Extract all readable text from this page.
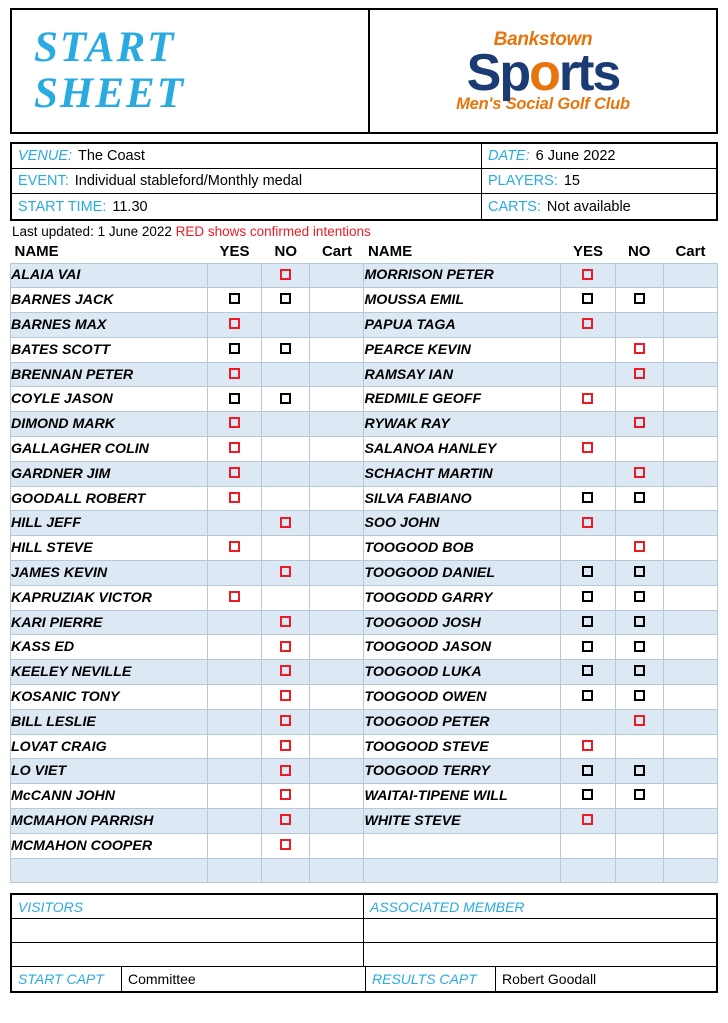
START
SHEET
Bankstown
Sports
Men's Social Golf Club
VENUE: The Coast	DATE: 6 June 2022
EVENT: Individual stableford/Monthly medal	PLAYERS: 15
START TIME: 11.30	CARTS: Not available
Last updated: 1 June 2022 RED shows confirmed intentions
NAME	YES	NO	Cart	NAME	YES	NO	Cart
ALAIA VAI				MORRISON PETER			
BARNES JACK				MOUSSA EMIL			
BARNES MAX				PAPUA TAGA			
BATES SCOTT				PEARCE KEVIN			
BRENNAN PETER				RAMSAY IAN			
COYLE JASON				REDMILE GEOFF			
DIMOND MARK				RYWAK RAY			
GALLAGHER COLIN				SALANOA HANLEY			
GARDNER JIM				SCHACHT MARTIN			
GOODALL ROBERT				SILVA FABIANO			
HILL JEFF				SOO JOHN			
HILL STEVE				TOOGOOD BOB			
JAMES KEVIN				TOOGOOD DANIEL			
KAPRUZIAK VICTOR				TOOGODD GARRY			
KARI PIERRE				TOOGOOD JOSH			
KASS ED				TOOGOOD JASON			
KEELEY NEVILLE				TOOGOOD LUKA			
KOSANIC TONY				TOOGOOD OWEN			
BILL LESLIE				TOOGOOD PETER			
LOVAT CRAIG				TOOGOOD STEVE			
LO VIET				TOOGOOD TERRY			
McCANN JOHN				WAITAI-TIPENE WILL			
MCMAHON PARRISH				WHITE STEVE			
MCMAHON COOPER							

VISITORS	ASSOCIATED MEMBER
START CAPT	Committee	RESULTS CAPT	Robert Goodall
